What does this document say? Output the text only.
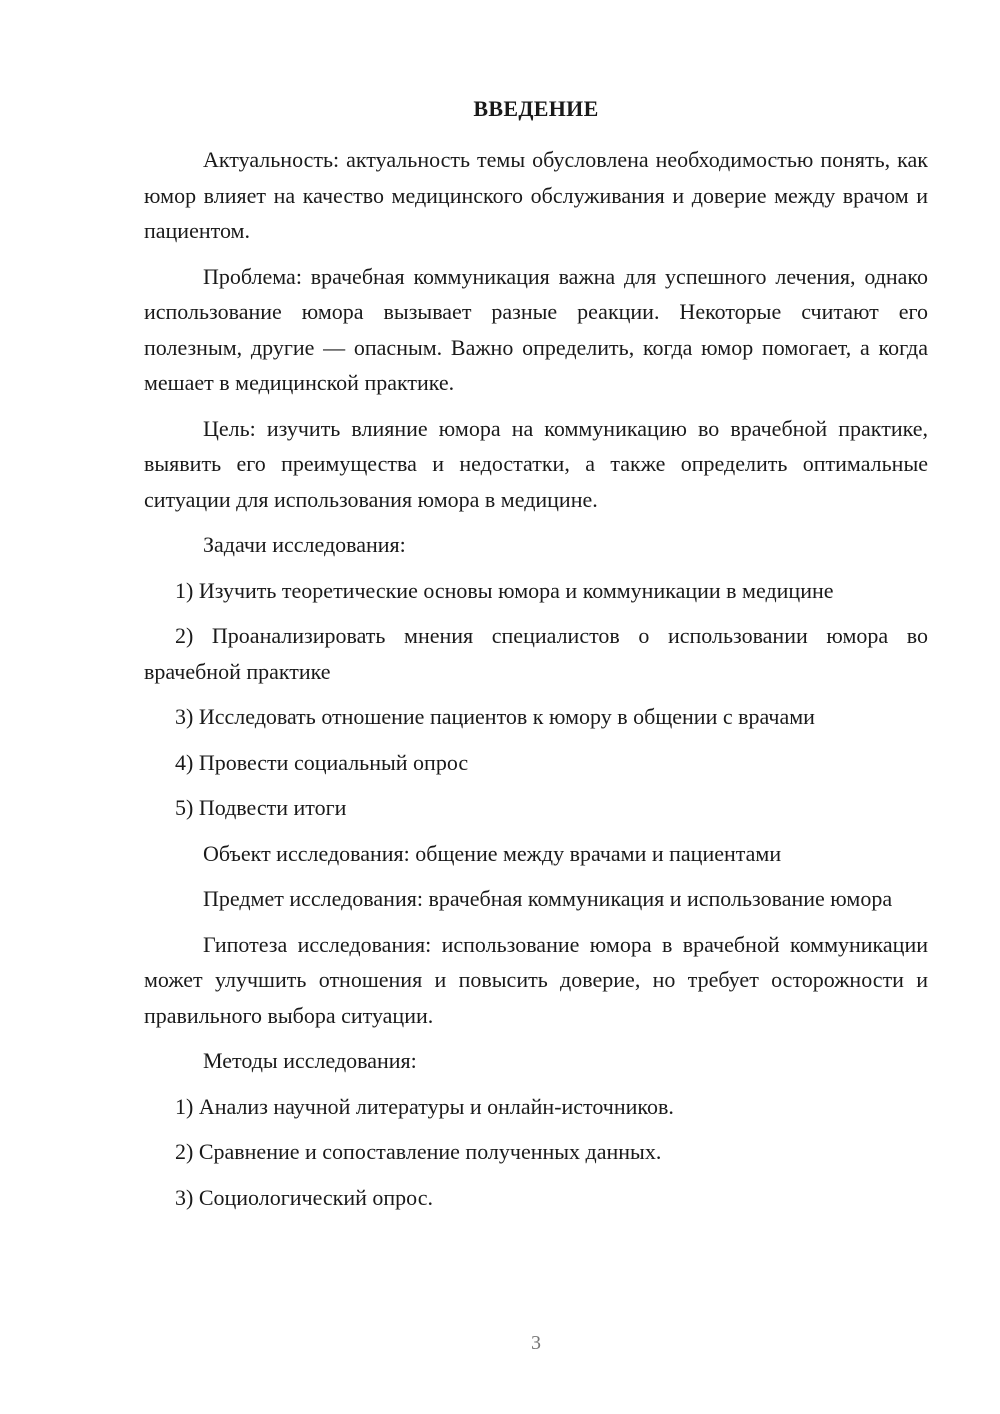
ВВЕДЕНИЕ

Актуальность: актуальность темы обусловлена необходимостью понять, как юмор влияет на качество медицинского обслуживания и доверие между врачом и пациентом.

Проблема: врачебная коммуникация важна для успешного лечения, однако использование юмора вызывает разные реакции. Некоторые считают его полезным, другие — опасным. Важно определить, когда юмор помогает, а когда мешает в медицинской практике.

Цель: изучить влияние юмора на коммуникацию во врачебной практике, выявить его преимущества и недостатки, а также определить оптимальные ситуации для использования юмора в медицине.

Задачи исследования:

1) Изучить теоретические основы юмора и коммуникации в медицине

2) Проанализировать мнения специалистов о использовании юмора во врачебной практике

3) Исследовать отношение пациентов к юмору в общении с врачами

4) Провести социальный опрос

5) Подвести итоги

Объект исследования: общение между врачами и пациентами

Предмет исследования: врачебная коммуникация и использование юмора

Гипотеза исследования: использование юмора в врачебной коммуникации может улучшить отношения и повысить доверие, но требует осторожности и правильного выбора ситуации.

Методы исследования:

1) Анализ научной литературы и онлайн-источников.

2) Сравнение и сопоставление полученных данных.

3) Социологический опрос.

3
